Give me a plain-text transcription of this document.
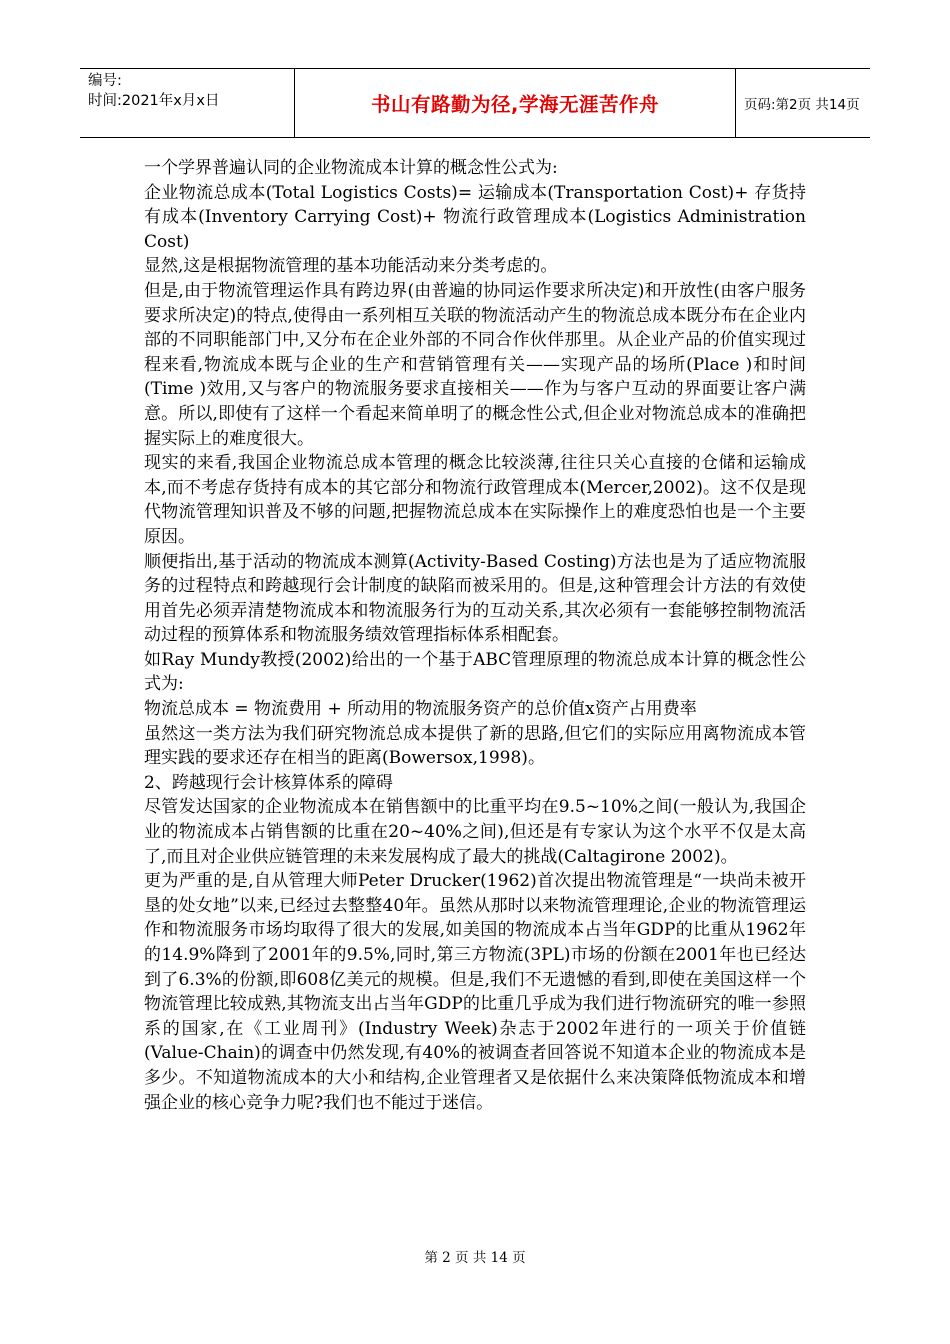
编号:
时间:2021年x月x日	书山有路勤为径,学海无涯苦作舟	页码:第2页 共14页

一个学界普遍认同的企业物流成本计算的概念性公式为:

企业物流总成本(Total Logistics Costs)= 运输成本(Transportation Cost)+ 存货持有成本(Inventory Carrying Cost)+ 物流行政管理成本(Logistics Administration Cost)

显然,这是根据物流管理的基本功能活动来分类考虑的。

但是,由于物流管理运作具有跨边界(由普遍的协同运作要求所决定)和开放性(由客户服务要求所决定)的特点,使得由一系列相互关联的物流活动产生的物流总成本既分布在企业内部的不同职能部门中,又分布在企业外部的不同合作伙伴那里。从企业产品的价值实现过程来看,物流成本既与企业的生产和营销管理有关——实现产品的场所(Place )和时间(Time )效用,又与客户的物流服务要求直接相关——作为与客户互动的界面要让客户满意。所以,即使有了这样一个看起来简单明了的概念性公式,但企业对物流总成本的准确把握实际上的难度很大。

现实的来看,我国企业物流总成本管理的概念比较淡薄,往往只关心直接的仓储和运输成本,而不考虑存货持有成本的其它部分和物流行政管理成本(Mercer,2002)。这不仅是现代物流管理知识普及不够的问题,把握物流总成本在实际操作上的难度恐怕也是一个主要原因。

顺便指出,基于活动的物流成本测算(Activity-Based Costing)方法也是为了适应物流服务的过程特点和跨越现行会计制度的缺陷而被采用的。但是,这种管理会计方法的有效使用首先必须弄清楚物流成本和物流服务行为的互动关系,其次必须有一套能够控制物流活动过程的预算体系和物流服务绩效管理指标体系相配套。

如Ray Mundy教授(2002)给出的一个基于ABC管理原理的物流总成本计算的概念性公式为:

物流总成本 = 物流费用 + 所动用的物流服务资产的总价值x资产占用费率

虽然这一类方法为我们研究物流总成本提供了新的思路,但它们的实际应用离物流成本管理实践的要求还存在相当的距离(Bowersox,1998)。

2、跨越现行会计核算体系的障碍

尽管发达国家的企业物流成本在销售额中的比重平均在9.5~10%之间(一般认为,我国企业的物流成本占销售额的比重在20~40%之间),但还是有专家认为这个水平不仅是太高了,而且对企业供应链管理的未来发展构成了最大的挑战(Caltagirone 2002)。

更为严重的是,自从管理大师Peter Drucker(1962)首次提出物流管理是“一块尚未被开垦的处女地”以来,已经过去整整40年。虽然从那时以来物流管理理论,企业的物流管理运作和物流服务市场均取得了很大的发展,如美国的物流成本占当年GDP的比重从1962年的14.9%降到了2001年的9.5%,同时,第三方物流(3PL)市场的份额在2001年也已经达到了6.3%的份额,即608亿美元的规模。但是,我们不无遗憾的看到,即使在美国这样一个物流管理比较成熟,其物流支出占当年GDP的比重几乎成为我们进行物流研究的唯一参照系的国家,在《工业周刊》(Industry Week)杂志于2002年进行的一项关于价值链(Value-Chain)的调查中仍然发现,有40%的被调查者回答说不知道本企业的物流成本是多少。不知道物流成本的大小和结构,企业管理者又是依据什么来决策降低物流成本和增强企业的核心竞争力呢?我们也不能过于迷信。

第 2 页 共 14 页
